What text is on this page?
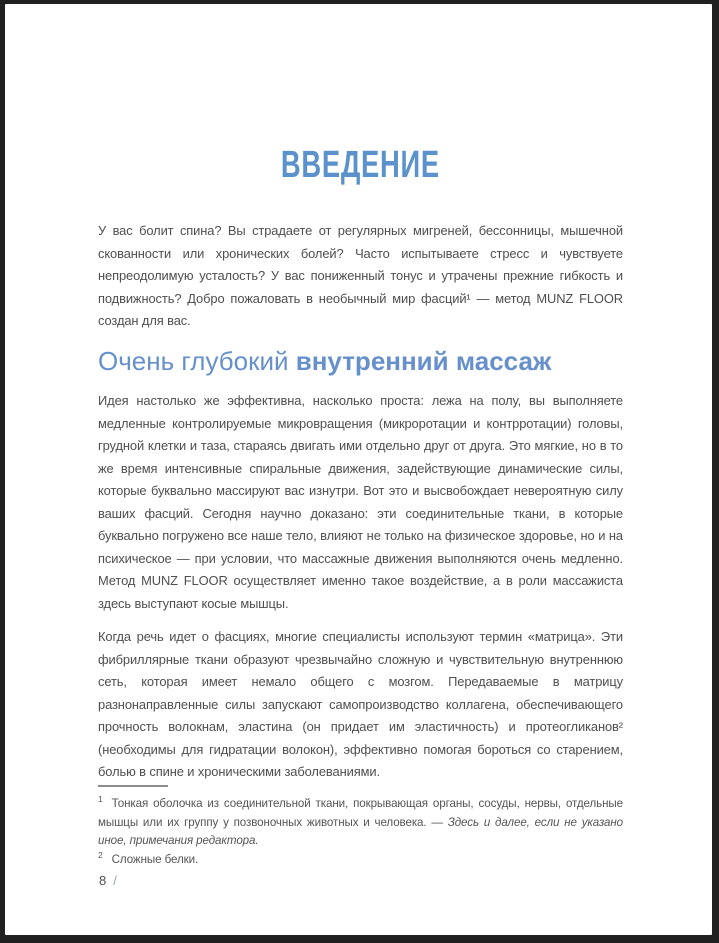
ВВЕДЕНИЕ

У вас болит спина? Вы страдаете от регулярных мигреней, бессонницы, мышечной скованности или хронических болей? Часто испытываете стресс и чувствуете непреодолимую усталость? У вас пониженный тонус и утрачены прежние гибкость и подвижность? Добро пожаловать в необычный мир фасций¹ — метод MUNZ FLOOR создан для вас.

Очень глубокий внутренний массаж

Идея настолько же эффективна, насколько проста: лежа на полу, вы выполняете медленные контролируемые микровращения (микроротации и контрротации) головы, грудной клетки и таза, стараясь двигать ими отдельно друг от друга. Это мягкие, но в то же время интенсивные спиральные движения, задействующие динамические силы, которые буквально массируют вас изнутри. Вот это и высвобождает невероятную силу ваших фасций. Сегодня научно доказано: эти соединительные ткани, в которые буквально погружено все наше тело, влияют не только на физическое здоровье, но и на психическое — при условии, что массажные движения выполняются очень медленно. Метод MUNZ FLOOR осуществляет именно такое воздействие, а в роли массажиста здесь выступают косые мышцы.

Когда речь идет о фасциях, многие специалисты используют термин «матрица». Эти фибриллярные ткани образуют чрезвычайно сложную и чувствительную внутреннюю сеть, которая имеет немало общего с мозгом. Передаваемые в матрицу разнонаправленные силы запускают самопроизводство коллагена, обеспечивающего прочность волокнам, эластина (он придает им эластичность) и протеогликанов² (необходимы для гидратации волокон), эффективно помогая бороться со старением, болью в спине и хроническими заболеваниями.

$^1$ Тонкая оболочка из соединительной ткани, покрывающая органы, сосуды, нервы, отдельные мышцы или их группу у позвоночных животных и человека. — Здесь и далее, если не указано иное, примечания редактора.

$^2$ Сложные белки.

8 /
